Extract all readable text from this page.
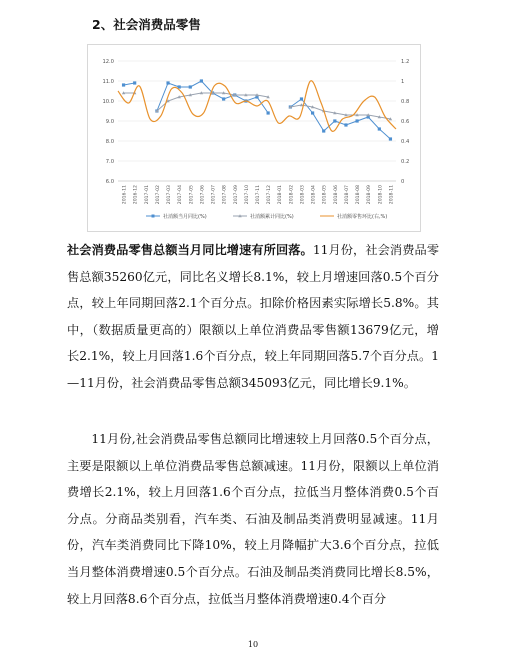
2、社会消费品零售
12.0
11.0
10.0
9.0
8.0
7.0
6.0
1.2
1
0.8
0.6
0.4
0.2
0
2016-11 2016-12 2017-01 2017-02 2017-03 2017-04 2017-05 2017-06 2017-07 2017-08 2017-09 2017-10 2017-11 2017-12 2018-01 2018-02 2018-03 2018-04 2018-05 2018-06 2018-07 2018-08 2018-09 2018-10 2018-11
社消额当月同比(%)	社消额累计同比(%)	社消额零售环比(右,%)

社会消费品零售总额当月同比增速有所回落。11月份，社会消费品零售总额35260亿元，同比名义增长8.1%，较上月增速回落0.5个百分点，较上年同期回落2.1个百分点。扣除价格因素实际增长5.8%。其中，（数据质量更高的）限额以上单位消费品零售额13679亿元，增长2.1%，较上月回落1.6个百分点，较上年同期回落5.7个百分点。1—11月份，社会消费品零售总额345093亿元，同比增长9.1%。

11月份,社会消费品零售总额同比增速较上月回落0.5个百分点，主要是限额以上单位消费品零售总额减速。11月份，限额以上单位消费增长2.1%，较上月回落1.6个百分点，拉低当月整体消费0.5个百分点。分商品类别看，汽车类、石油及制品类消费明显减速。11月份，汽车类消费同比下降10%，较上月降幅扩大3.6个百分点，拉低当月整体消费增速0.5个百分点。石油及制品类消费同比增长8.5%，较上月回落8.6个百分点，拉低当月整体消费增速0.4个百分

10
